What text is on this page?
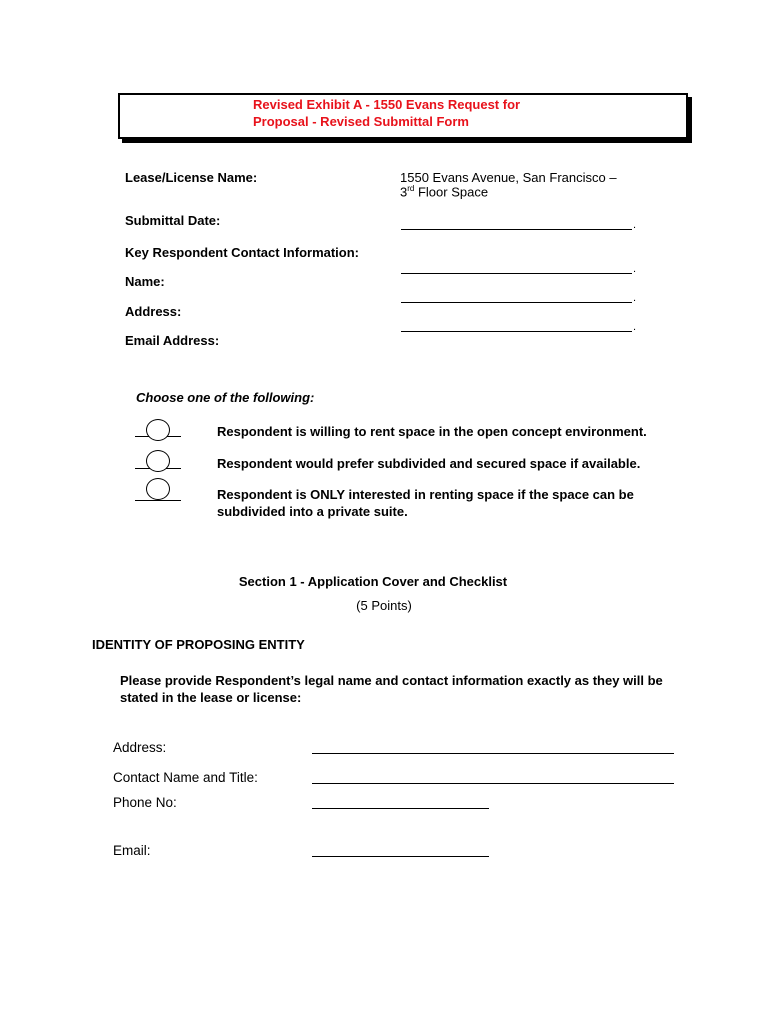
Revised Exhibit A - 1550 Evans Request for
Proposal - Revised Submittal Form
Lease/License Name:	1550 Evans Avenue, San Francisco –
3rd Floor Space
Submittal Date:	.
Key Respondent Contact Information:
.
Name:
.
Address:
.
Email Address:
Choose one of the following:
Respondent is willing to rent space in the open concept environment.
Respondent would prefer subdivided and secured space if available.
Respondent is ONLY interested in renting space if the space can be subdivided into a private suite.
Section 1 - Application Cover and Checklist
(5 Points)
IDENTITY OF PROPOSING ENTITY
Please provide Respondent’s legal name and contact information exactly as they will be stated in the lease or license:
Address:
Contact Name and Title:
Phone No:
Email:
